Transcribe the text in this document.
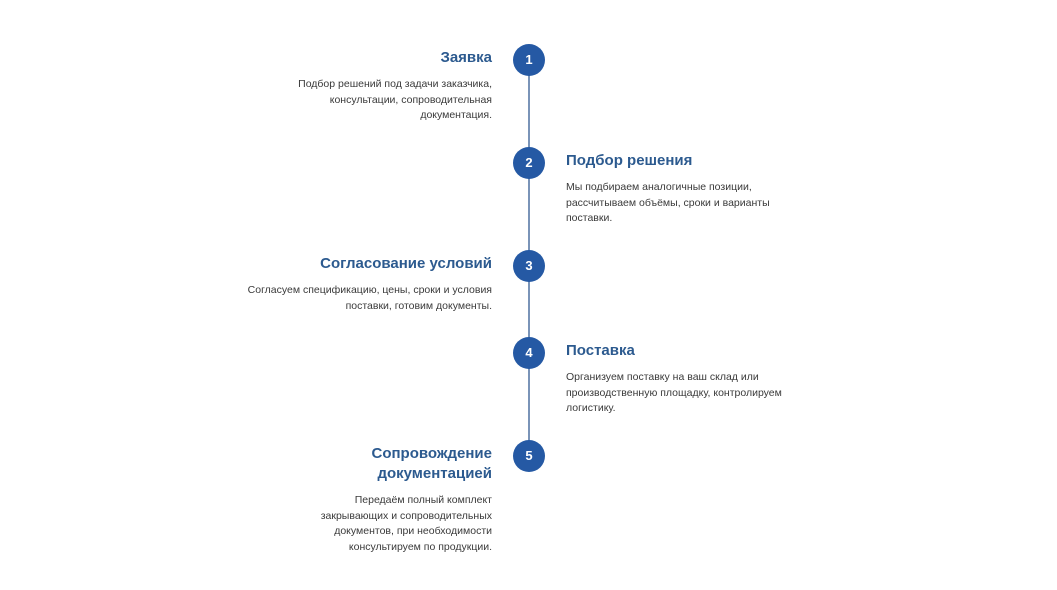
1
Заявка
Подбор решений под задачи заказчика, консультации, сопроводительная документация.
2	Подбор решения
Мы подбираем аналогичные позиции, рассчитываем объёмы, сроки и варианты поставки.
3
Согласование условий
Согласуем спецификацию, цены, сроки и условия поставки, готовим документы.
4	Поставка
Организуем поставку на ваш склад или производственную площадку, контролируем логистику.
5
Сопровождение документацией
Передаём полный комплект закрывающих и сопроводительных документов, при необходимости консультируем по продукции.
